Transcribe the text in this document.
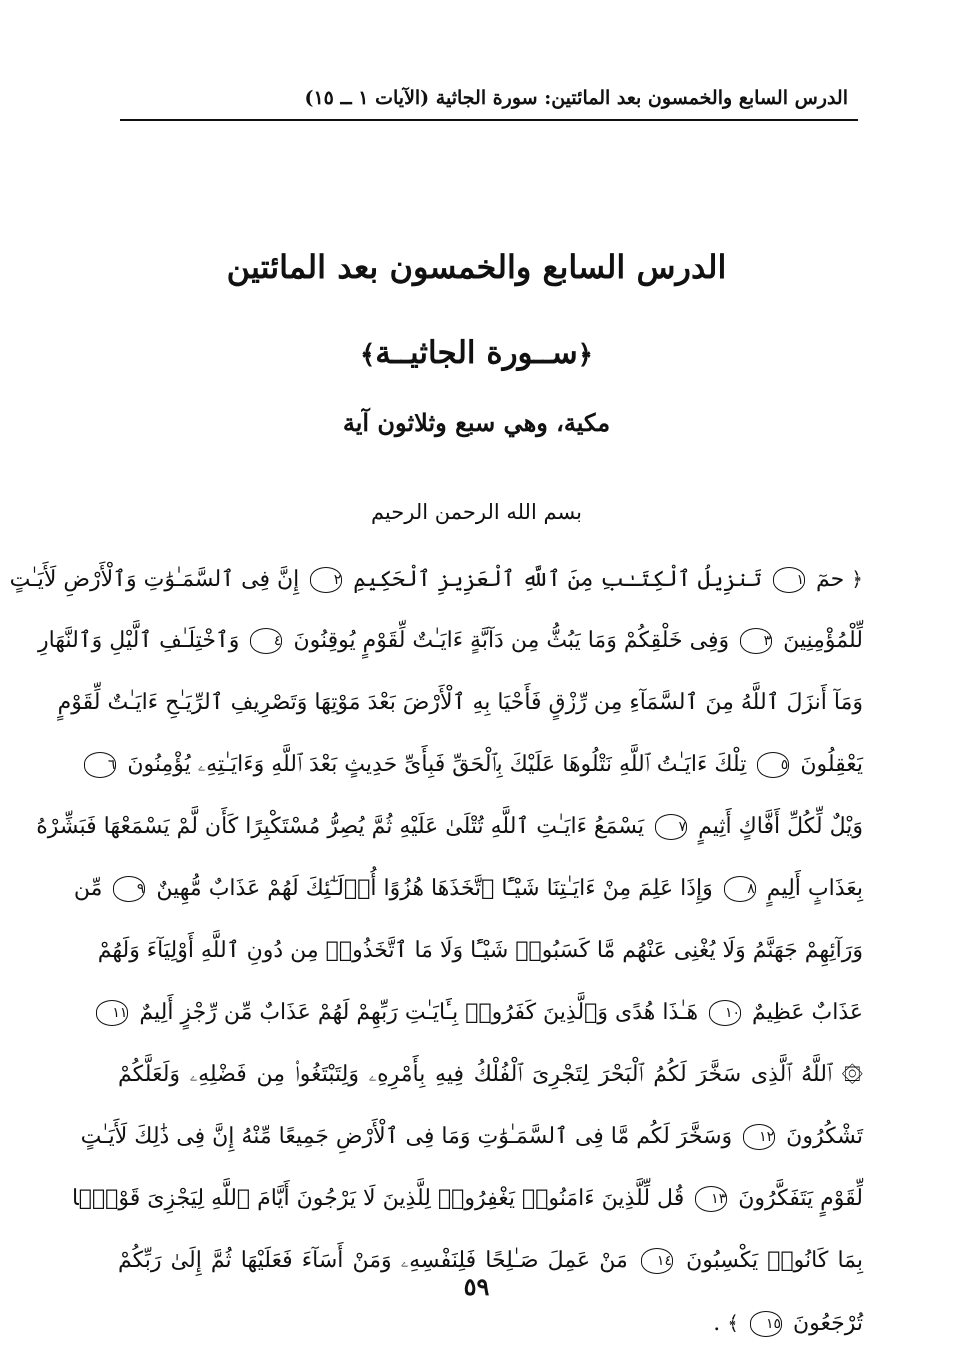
الدرس السابع والخمسون بعد المائتين: سورة الجاثية (الآيات ١ ــ ١٥)
الدرس السابع والخمسون بعد المائتين
﴿ســورة الجاثيــة﴾
مكية، وهي سبع وثلاثون آية
بسم الله الرحمن الرحيم
﴿ حمٓ ١ تَنزِيلُ ٱلْكِتَـٰبِ مِنَ ٱللَّهِ ٱلْعَزِيزِ ٱلْحَكِيمِ ٢ إِنَّ فِى ٱلسَّمَـٰوَٰتِ وَٱلْأَرْضِ لَأَيَـٰتٍ
لِّلْمُؤْمِنِينَ ٣ وَفِى خَلْقِكُمْ وَمَا يَبُثُّ مِن دَآبَّةٍ ءَايَـٰتٌ لِّقَوْمٍ يُوقِنُونَ ٤ وَٱخْتِلَـٰفِ ٱلَّيْلِ وَٱلنَّهَارِ
وَمَآ أَنزَلَ ٱللَّهُ مِنَ ٱلسَّمَآءِ مِن رِّزْقٍ فَأَحْيَا بِهِ ٱلْأَرْضَ بَعْدَ مَوْتِهَا وَتَصْرِيفِ ٱلرِّيَـٰحِ ءَايَـٰتٌ لِّقَوْمٍ
يَعْقِلُونَ ٥ تِلْكَ ءَايَـٰتُ ٱللَّهِ نَتْلُوهَا عَلَيْكَ بِٱلْحَقِّ فَبِأَىِّ حَدِيثٍ بَعْدَ ٱللَّهِ وَءَايَـٰتِهِۦ يُؤْمِنُونَ ٦
وَيْلٌ لِّكُلِّ أَفَّاكٍ أَثِيمٍ ٧ يَسْمَعُ ءَايَـٰتِ ٱللَّهِ تُتْلَىٰ عَلَيْهِ ثُمَّ يُصِرُّ مُسْتَكْبِرًا كَأَن لَّمْ يَسْمَعْهَا فَبَشِّرْهُ
بِعَذَابٍ أَلِيمٍ ٨ وَإِذَا عَلِمَ مِنْ ءَايَـٰتِنَا شَيْـًٔا ٱتَّخَذَهَا هُزُوًا أُو۟لَـٰٓئِكَ لَهُمْ عَذَابٌ مُّهِينٌ ٩ مِّن
وَرَآئِهِمْ جَهَنَّمُ وَلَا يُغْنِى عَنْهُم مَّا كَسَبُوا۟ شَيْـًٔا وَلَا مَا ٱتَّخَذُوا۟ مِن دُونِ ٱللَّهِ أَوْلِيَآءَ وَلَهُمْ
عَذَابٌ عَظِيمٌ ١٠ هَـٰذَا هُدًى وَٱلَّذِينَ كَفَرُوا۟ بِـَٔايَـٰتِ رَبِّهِمْ لَهُمْ عَذَابٌ مِّن رِّجْزٍ أَلِيمٌ ١١
۞ ٱللَّهُ ٱلَّذِى سَخَّرَ لَكُمُ ٱلْبَحْرَ لِتَجْرِىَ ٱلْفُلْكُ فِيهِ بِأَمْرِهِۦ وَلِتَبْتَغُوا۟ مِن فَضْلِهِۦ وَلَعَلَّكُمْ
تَشْكُرُونَ ١٢ وَسَخَّرَ لَكُم مَّا فِى ٱلسَّمَـٰوَٰتِ وَمَا فِى ٱلْأَرْضِ جَمِيعًا مِّنْهُ إِنَّ فِى ذَٰلِكَ لَأَيَـٰتٍ
لِّقَوْمٍ يَتَفَكَّرُونَ ١٣ قُل لِّلَّذِينَ ءَامَنُوا۟ يَغْفِرُوا۟ لِلَّذِينَ لَا يَرْجُونَ أَيَّامَ ٱللَّهِ لِيَجْزِىَ قَوْمًۢا
بِمَا كَانُوا۟ يَكْسِبُونَ ١٤ مَنْ عَمِلَ صَـٰلِحًا فَلِنَفْسِهِۦ وَمَنْ أَسَآءَ فَعَلَيْهَا ثُمَّ إِلَىٰ رَبِّكُمْ
تُرْجَعُونَ ١٥ ﴾ .
٥٩
